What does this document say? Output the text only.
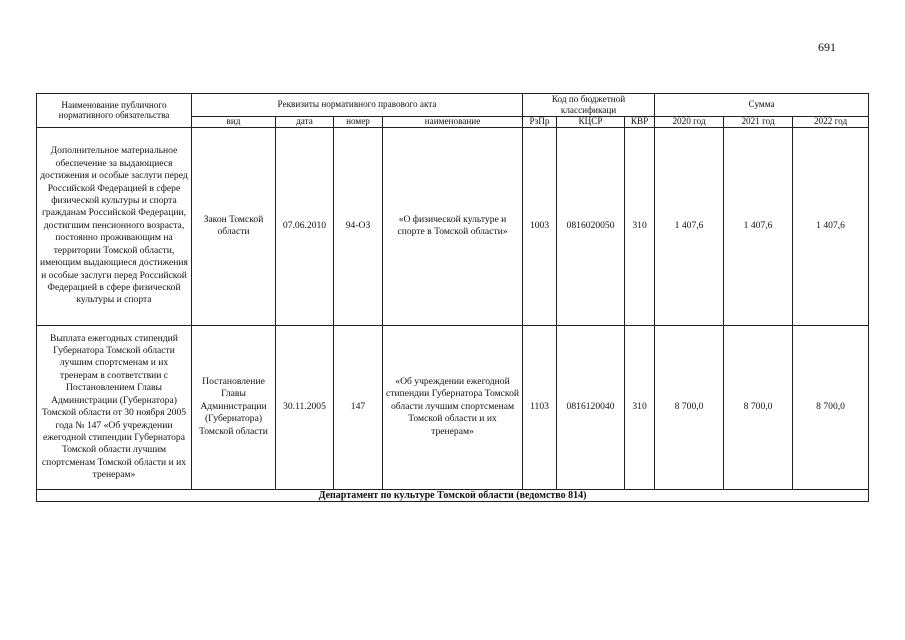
691
Наименование публичного нормативного обязательства	Реквизиты нормативного правового акта				Код по бюджетной классификаци			Сумма		
	вид	дата	номер	наименование	РзПр	КЦСР	КВР	2020 год	2021 год	2022 год
Дополнительное материальное обеспечение за выдающиеся достижения и особые заслуги перед Российской Федерацией в сфере физической культуры и спорта гражданам Российской Федерации, достигшим пенсионного возраста, постоянно проживающим на территории Томской области, имеющим выдающиеся достижения и особые заслуги перед Российской Федерацией в сфере физической культуры и спорта	Закон Томской области	07.06.2010	94-ОЗ	«О физической культуре и спорте в Томской области»	1003	0816020050	310	1 407,6	1 407,6	1 407,6
Выплата ежегодных стипендий Губернатора Томской области лучшим спортсменам и их тренерам в соответствии с Постановлением Главы Администрации (Губернатора) Томской области от 30 ноября 2005 года № 147 «Об учреждении ежегодной стипендии Губернатора Томской области лучшим спортсменам Томской области и их тренерам»	Постановление Главы Администрации (Губернатора) Томской области	30.11.2005	147	«Об учреждении ежегодной стипендии Губернатора Томской области лучшим спортсменам Томской области и их тренерам»	1103	0816120040	310	8 700,0	8 700,0	8 700,0
Департамент по культуре Томской области (ведомство 814)										
